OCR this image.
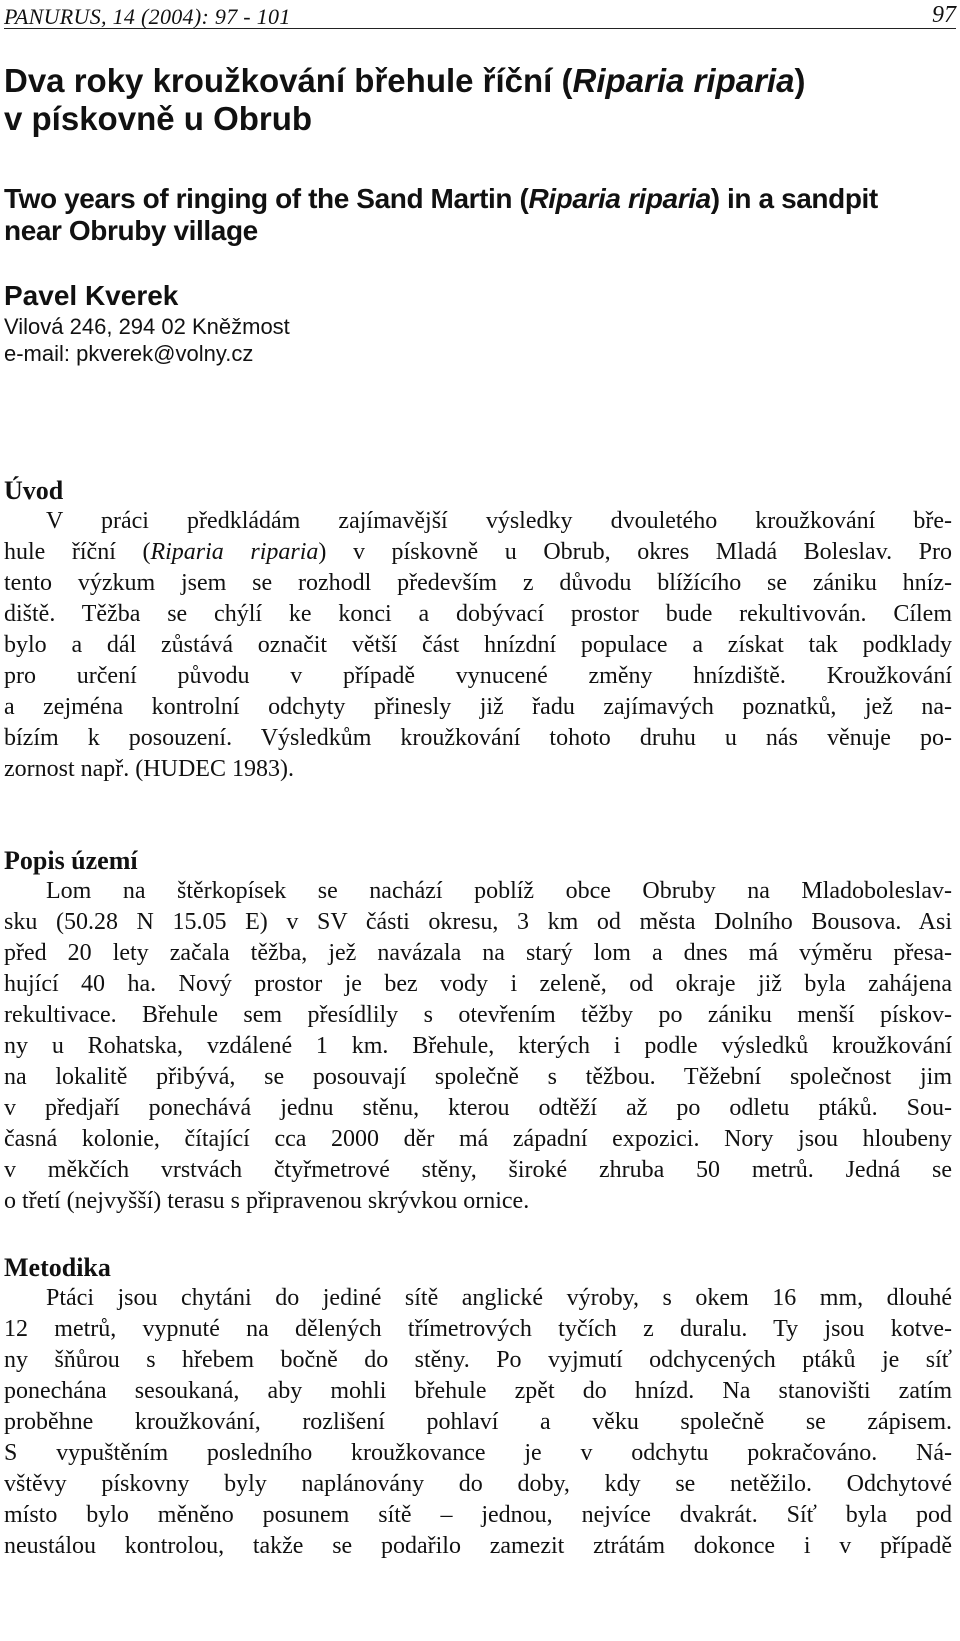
PANURUS, 14 (2004): 97 - 101	97
Dva roky kroužkování břehule říční (Riparia riparia)
v pískovně u Obrub
Two years of ringing of the Sand Martin (Riparia riparia) in a sandpit
near Obruby village
Pavel Kverek
Vilová 246, 294 02 Kněžmost
e-mail: pkverek@volny.cz
Úvod
V práci předkládám zajímavější výsledky dvouletého kroužkování bře-
hule říční (Riparia riparia) v pískovně u Obrub, okres Mladá Boleslav. Pro
tento výzkum jsem se rozhodl především z důvodu blížícího se zániku hníz-
diště. Těžba se chýlí ke konci a dobývací prostor bude rekultivován. Cílem
bylo a dál zůstává označit větší část hnízdní populace a získat tak podklady
pro určení původu v případě vynucené změny hnízdiště. Kroužkování
a zejména kontrolní odchyty přinesly již řadu zajímavých poznatků, jež na-
bízím k posouzení. Výsledkům kroužkování tohoto druhu u nás věnuje po-
zornost např. (HUDEC 1983).
Popis území
Lom na štěrkopísek se nachází poblíž obce Obruby na Mladoboleslav-
sku (50.28 N 15.05 E) v SV části okresu, 3 km od města Dolního Bousova. Asi
před 20 lety začala těžba, jež navázala na starý lom a dnes má výměru přesa-
hující 40 ha. Nový prostor je bez vody i zeleně, od okraje již byla zahájena
rekultivace. Břehule sem přesídlily s otevřením těžby po zániku menší pískov-
ny u Rohatska, vzdálené 1 km. Břehule, kterých i podle výsledků kroužkování
na lokalitě přibývá, se posouvají společně s těžbou. Těžební společnost jim
v předjaří ponechává jednu stěnu, kterou odtěží až po odletu ptáků. Sou-
časná kolonie, čítající cca 2000 děr má západní expozici. Nory jsou hloubeny
v měkčích vrstvách čtyřmetrové stěny, široké zhruba 50 metrů. Jedná se
o třetí (nejvyšší) terasu s připravenou skrývkou ornice.
Metodika
Ptáci jsou chytáni do jediné sítě anglické výroby, s okem 16 mm, dlouhé
12 metrů, vypnuté na dělených třímetrových tyčích z duralu. Ty jsou kotve-
ny šňůrou s hřebem bočně do stěny. Po vyjmutí odchycených ptáků je síť
ponechána sesoukaná, aby mohli břehule zpět do hnízd. Na stanovišti zatím
proběhne kroužkování, rozlišení pohlaví a věku společně se zápisem.
S vypuštěním posledního kroužkovance je v odchytu pokračováno. Ná-
vštěvy pískovny byly naplánovány do doby, kdy se netěžilo. Odchytové
místo bylo měněno posunem sítě – jednou, nejvíce dvakrát. Síť byla pod
neustálou kontrolou, takže se podařilo zamezit ztrátám dokonce i v případě
